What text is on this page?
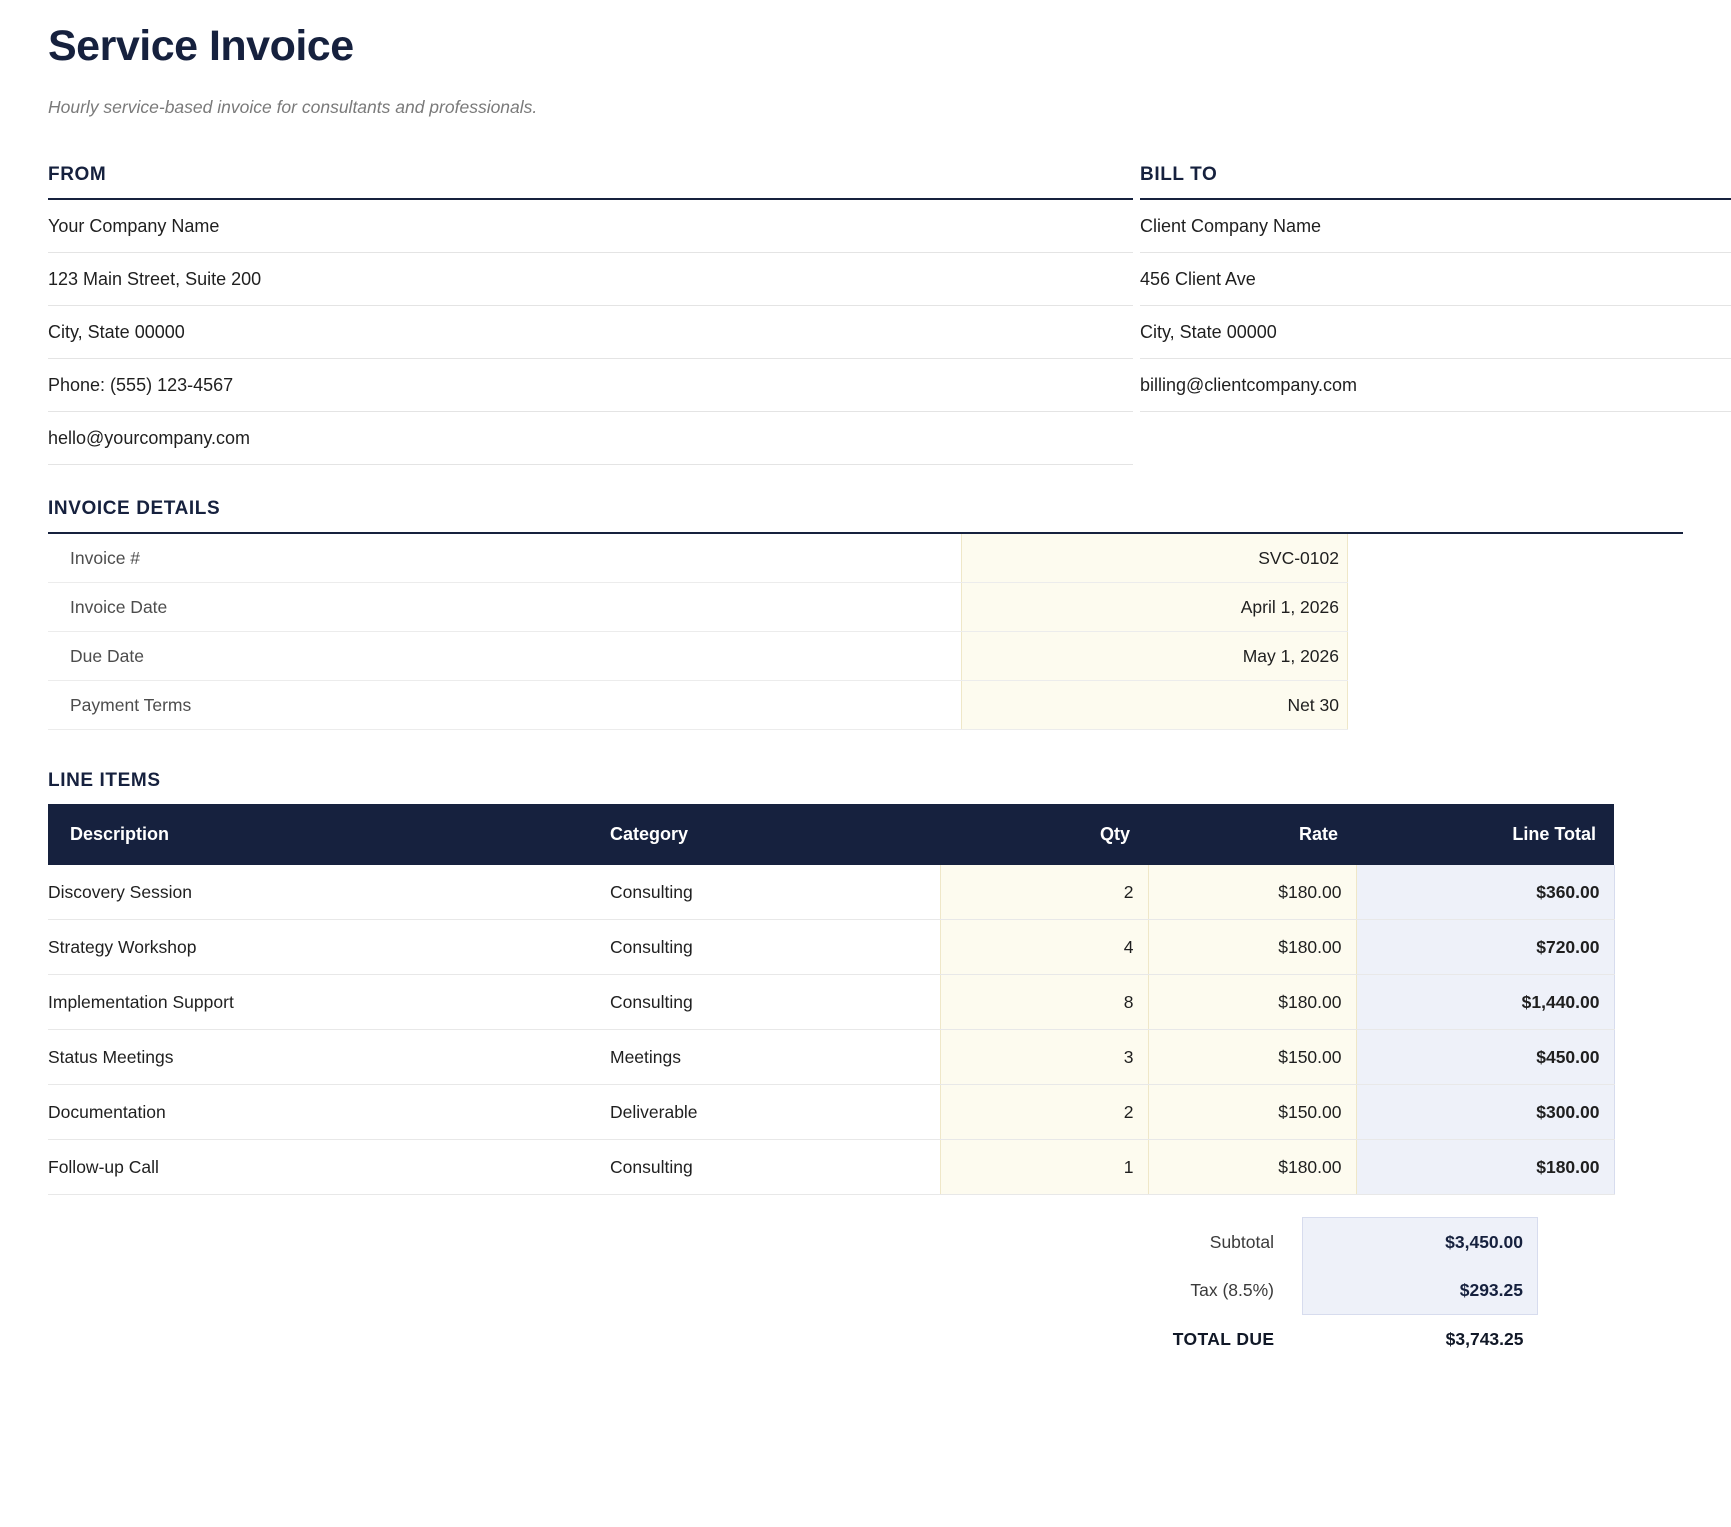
Service Invoice

Hourly service-based invoice for consultants and professionals.

FROM
Your Company Name
123 Main Street, Suite 200
City, State 00000
Phone: (555) 123-4567
hello@yourcompany.com
BILL TO
Client Company Name
456 Client Ave
City, State 00000
billing@clientcompany.com
INVOICE DETAILS
Invoice #	SVC-0102
Invoice Date	April 1, 2026
Due Date	May 1, 2026
Payment Terms	Net 30
LINE ITEMS
Description	Category	Qty	Rate	Line Total
Discovery Session	Consulting	2	$180.00	$360.00
Strategy Workshop	Consulting	4	$180.00	$720.00
Implementation Support	Consulting	8	$180.00	$1,440.00
Status Meetings	Meetings	3	$150.00	$450.00
Documentation	Deliverable	2	$150.00	$300.00
Follow-up Call	Consulting	1	$180.00	$180.00
Subtotal	$3,450.00
Tax (8.5%)	$293.25
TOTAL DUE	$3,743.25
